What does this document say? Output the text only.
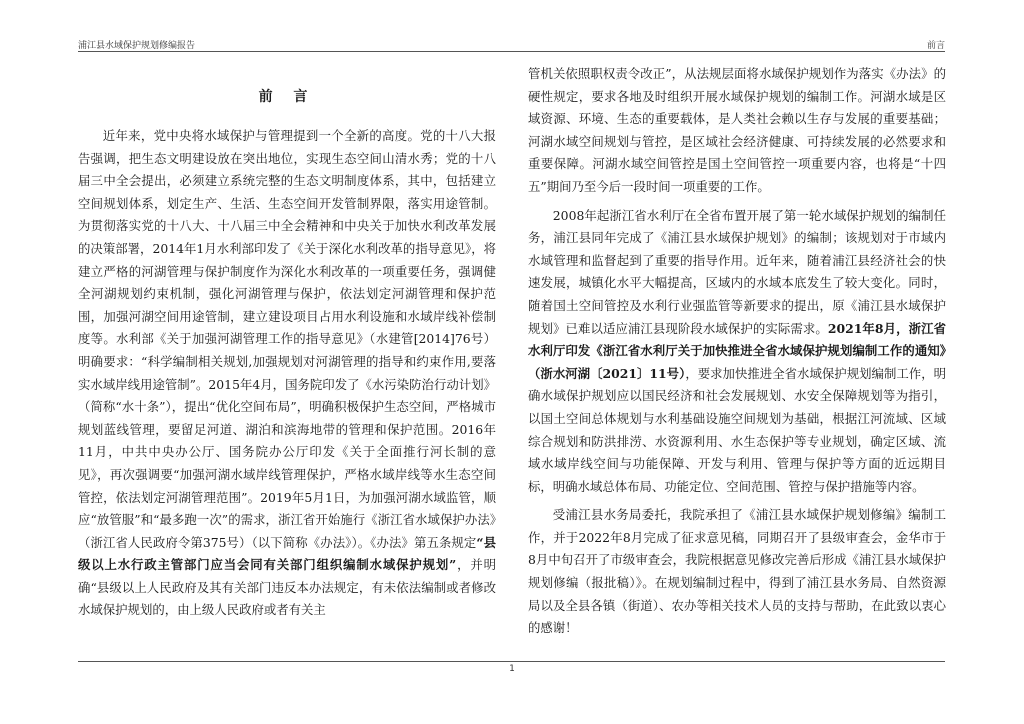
浦江县水域保护规划修编报告	前言
前 言

近年来，党中央将水域保护与管理提到一个全新的高度。党的十八大报告强调，把生态文明建设放在突出地位，实现生态空间山清水秀；党的十八届三中全会提出，必须建立系统完整的生态文明制度体系，其中，包括建立空间规划体系，划定生产、生活、生态空间开发管制界限，落实用途管制。为贯彻落实党的十八大、十八届三中全会精神和中央关于加快水利改革发展的决策部署，2014年1月水利部印发了《关于深化水利改革的指导意见》，将建立严格的河湖管理与保护制度作为深化水利改革的一项重要任务，强调健全河湖规划约束机制，强化河湖管理与保护，依法划定河湖管理和保护范围，加强河湖空间用途管制，建立建设项目占用水利设施和水域岸线补偿制度等。水利部《关于加强河湖管理工作的指导意见》（水建管[2014]76号）明确要求：“科学编制相关规划,加强规划对河湖管理的指导和约束作用,要落实水域岸线用途管制”。2015年4月，国务院印发了《水污染防治行动计划》（简称“水十条”），提出“优化空间布局”，明确积极保护生态空间，严格城市规划蓝线管理，要留足河道、湖泊和滨海地带的管理和保护范围。2016年11月，中共中央办公厅、国务院办公厅印发《关于全面推行河长制的意见》，再次强调要“加强河湖水域岸线管理保护，严格水域岸线等水生态空间管控，依法划定河湖管理范围”。2019年5月1日，为加强河湖水域监管，顺应“放管服”和“最多跑一次”的需求，浙江省开始施行《浙江省水域保护办法》（浙江省人民政府令第375号）（以下简称《办法》）。《办法》第五条规定“县级以上水行政主管部门应当会同有关部门组织编制水域保护规划”，并明确“县级以上人民政府及其有关部门违反本办法规定，有未依法编制或者修改水域保护规划的，由上级人民政府或者有关主

管机关依照职权责令改正”，从法规层面将水域保护规划作为落实《办法》的硬性规定，要求各地及时组织开展水域保护规划的编制工作。河湖水域是区域资源、环境、生态的重要载体，是人类社会赖以生存与发展的重要基础；河湖水域空间规划与管控，是区域社会经济健康、可持续发展的必然要求和重要保障。河湖水域空间管控是国土空间管控一项重要内容，也将是“十四五”期间乃至今后一段时间一项重要的工作。

2008年起浙江省水利厅在全省布置开展了第一轮水域保护规划的编制任务，浦江县同年完成了《浦江县水域保护规划》的编制；该规划对于市域内水域管理和监督起到了重要的指导作用。近年来，随着浦江县经济社会的快速发展，城镇化水平大幅提高，区域内的水域本底发生了较大变化。同时，随着国土空间管控及水利行业强监管等新要求的提出，原《浦江县水域保护规划》已难以适应浦江县现阶段水域保护的实际需求。2021年8月，浙江省水利厅印发《浙江省水利厅关于加快推进全省水域保护规划编制工作的通知》（浙水河湖〔2021〕11号），要求加快推进全省水域保护规划编制工作，明确水域保护规划应以国民经济和社会发展规划、水安全保障规划等为指引，以国土空间总体规划与水利基础设施空间规划为基础，根据江河流域、区域综合规划和防洪排涝、水资源利用、水生态保护等专业规划，确定区域、流域水域岸线空间与功能保障、开发与利用、管理与保护等方面的近远期目标，明确水域总体布局、功能定位、空间范围、管控与保护措施等内容。

受浦江县水务局委托，我院承担了《浦江县水域保护规划修编》编制工作，并于2022年8月完成了征求意见稿，同期召开了县级审查会，金华市于8月中旬召开了市级审查会，我院根据意见修改完善后形成《浦江县水域保护规划修编（报批稿）》。在规划编制过程中，得到了浦江县水务局、自然资源局以及全县各镇（街道）、农办等相关技术人员的支持与帮助，在此致以衷心的感谢！

1
